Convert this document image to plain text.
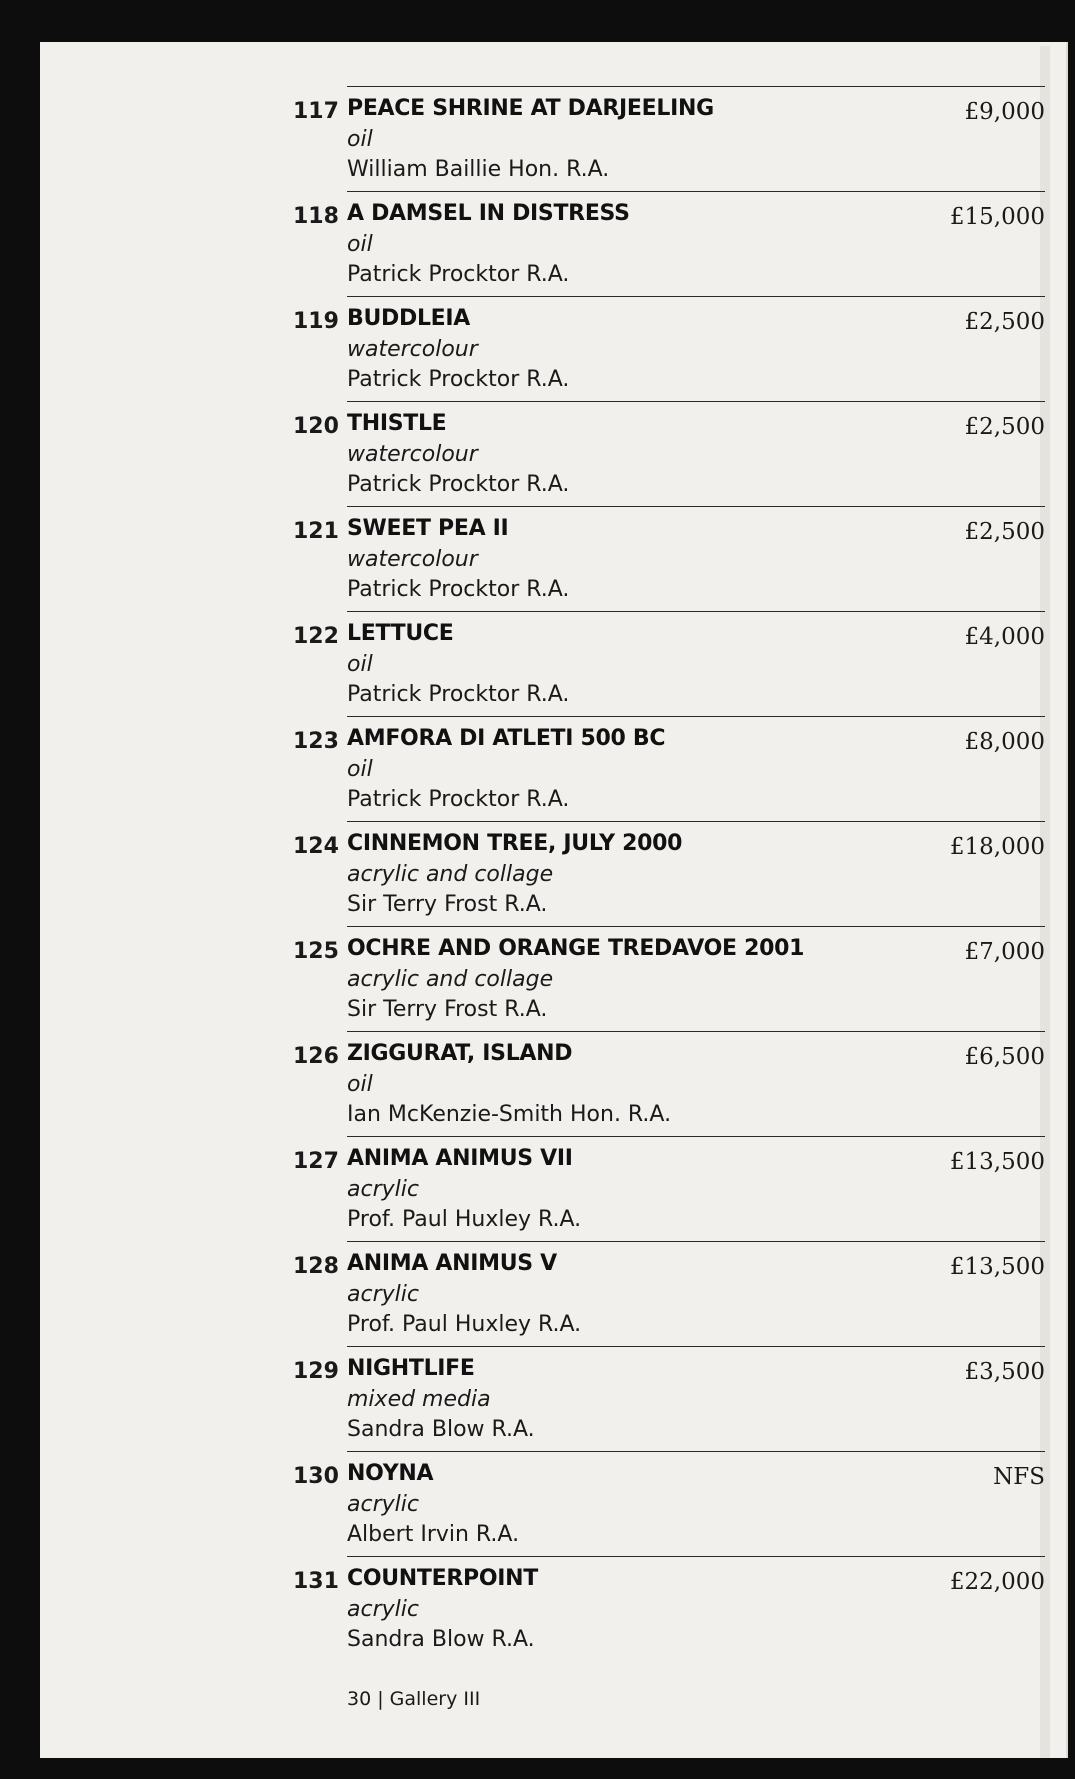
117 PEACE SHRINE AT DARJEELING
oil
William Baillie Hon. R.A.
£9,000
118 A DAMSEL IN DISTRESS
oil
Patrick Procktor R.A.
£15,000
119 BUDDLEIA
watercolour
Patrick Procktor R.A.
£2,500
120 THISTLE
watercolour
Patrick Procktor R.A.
£2,500
121 SWEET PEA II
watercolour
Patrick Procktor R.A.
£2,500
122 LETTUCE
oil
Patrick Procktor R.A.
£4,000
123 AMFORA DI ATLETI 500 BC
oil
Patrick Procktor R.A.
£8,000
124 CINNEMON TREE, JULY 2000
acrylic and collage
Sir Terry Frost R.A.
£18,000
125 OCHRE AND ORANGE TREDAVOE 2001
acrylic and collage
Sir Terry Frost R.A.
£7,000
126 ZIGGURAT, ISLAND
oil
Ian McKenzie-Smith Hon. R.A.
£6,500
127 ANIMA ANIMUS VII
acrylic
Prof. Paul Huxley R.A.
£13,500
128 ANIMA ANIMUS V
acrylic
Prof. Paul Huxley R.A.
£13,500
129 NIGHTLIFE
mixed media
Sandra Blow R.A.
£3,500
130 NOYNA
acrylic
Albert Irvin R.A.
NFS
131 COUNTERPOINT
acrylic
Sandra Blow R.A.
£22,000
30 | Gallery III
